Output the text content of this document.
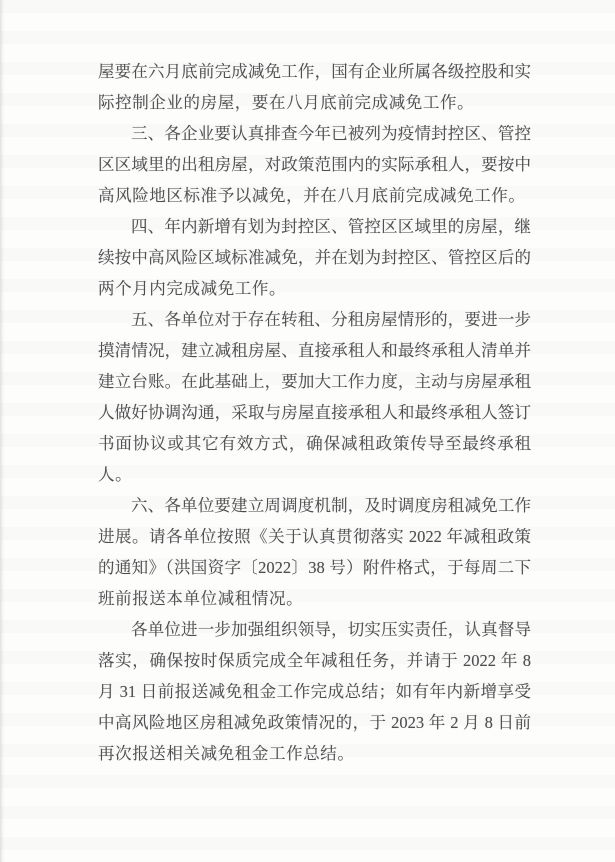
屋要在六月底前完成减免工作，国有企业所属各级控股和实
际控制企业的房屋，要在八月底前完成减免工作。
三、各企业要认真排查今年已被列为疫情封控区、管控
区区域里的出租房屋，对政策范围内的实际承租人，要按中
高风险地区标准予以减免，并在八月底前完成减免工作。
四、年内新增有划为封控区、管控区区域里的房屋，继
续按中高风险区域标准减免，并在划为封控区、管控区后的
两个月内完成减免工作。
五、各单位对于存在转租、分租房屋情形的，要进一步
摸清情况，建立减租房屋、直接承租人和最终承租人清单并
建立台账。在此基础上，要加大工作力度，主动与房屋承租
人做好协调沟通，采取与房屋直接承租人和最终承租人签订
书面协议或其它有效方式，确保减租政策传导至最终承租
人。
六、各单位要建立周调度机制，及时调度房租减免工作
进展。请各单位按照《关于认真贯彻落实 2022 年减租政策
的通知》（洪国资字〔2022〕38 号）附件格式，于每周二下
班前报送本单位减租情况。
各单位进一步加强组织领导，切实压实责任，认真督导
落实，确保按时保质完成全年减租任务，并请于 2022 年 8
月 31 日前报送减免租金工作完成总结；如有年内新增享受
中高风险地区房租减免政策情况的，于 2023 年 2 月 8 日前
再次报送相关减免租金工作总结。
